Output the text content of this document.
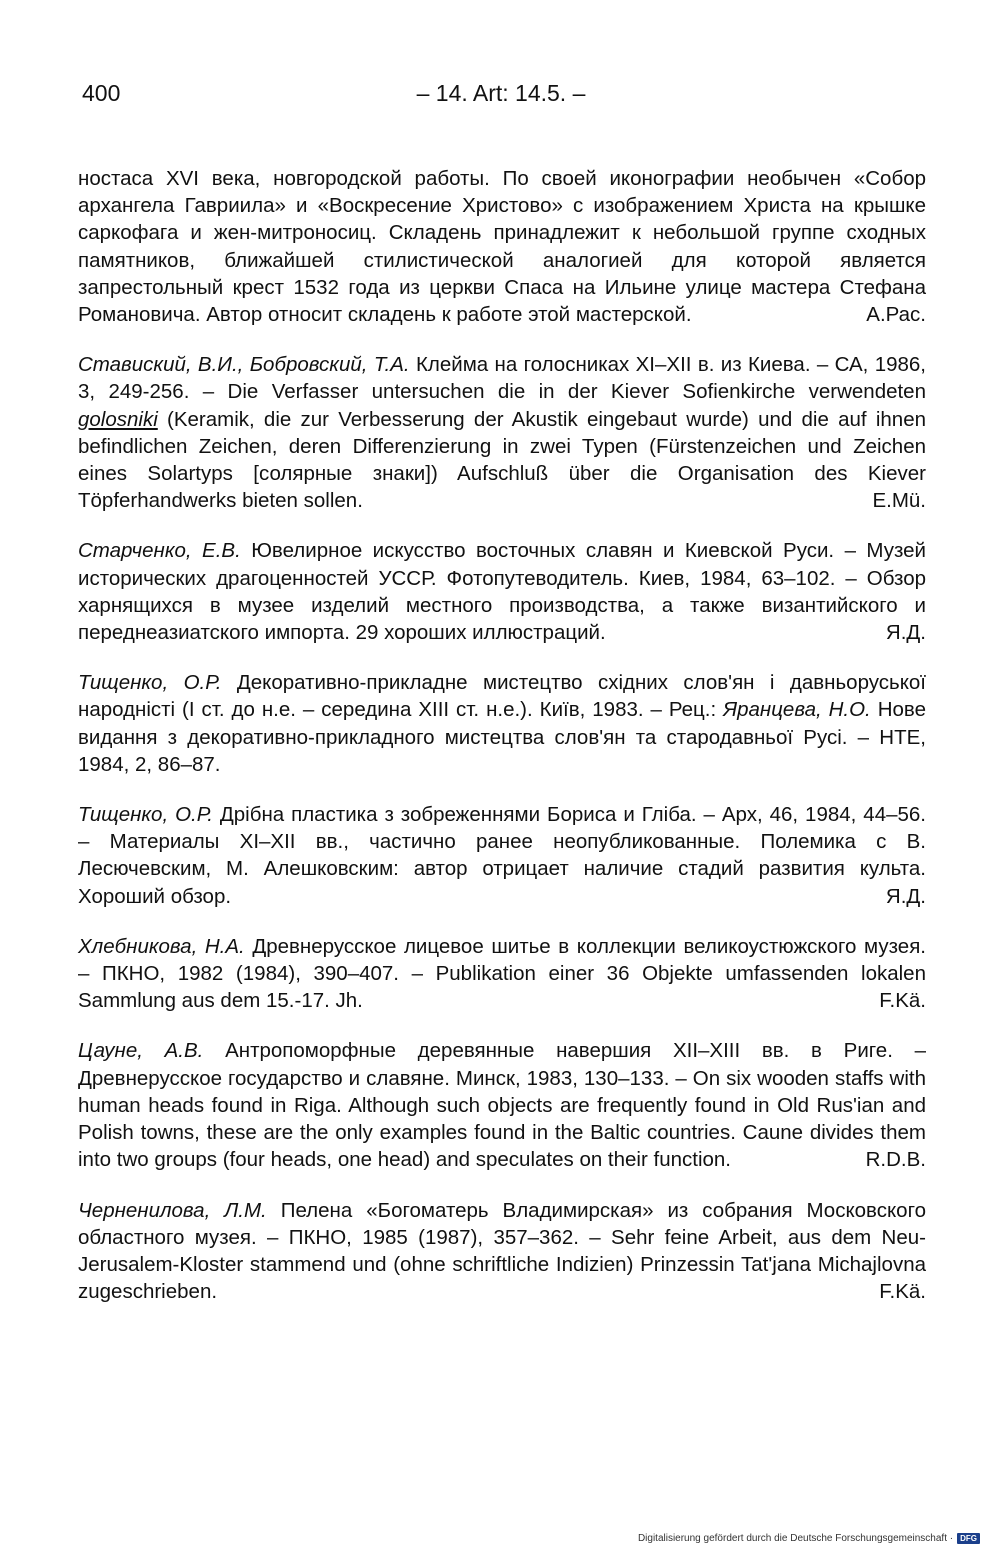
400	– 14. Art: 14.5. –

ностаса XVI века, новгородской работы. По своей иконографии необычен «Собор архангела Гавриила» и «Воскресение Христово» с изображением Христа на крышке саркофага и жен-митроносиц. Складень принадлежит к небольшой группе сходных памятников, ближайшей стилистической аналогией для которой является запрестольный крест 1532 года из церкви Спаса на Ильине улице мастера Стефана Романовича. Автор относит складень к работе этой мастерской.	А.Рас.

Ставиский, В.И., Бобровский, Т.А. Клейма на голосниках XI–XII в. из Киева. – СА, 1986, 3, 249-256. – Die Verfasser untersuchen die in der Kiever Sofienkirche verwendeten golosniki (Keramik, die zur Verbesserung der Akustik eingebaut wurde) und die auf ihnen befindlichen Zeichen, deren Differenzierung in zwei Typen (Fürstenzeichen und Zeichen eines Solartyps [солярные знаки]) Aufschluß über die Organisation des Kiever Töpferhandwerks bieten sollen.	E.Mü.

Старченко, Е.В. Ювелирное искусство восточных славян и Киевской Руси. – Музей исторических драгоценностей УССР. Фотопутеводитель. Киев, 1984, 63–102. – Обзор харнящихся в музее изделий местного производства, а также византийского и переднеазиатского импорта. 29 хороших иллюстраций.	Я.Д.

Тищенко, О.Р. Декоративно-прикладне мистецтво східних слов'ян і давньоруської народністі (I ст. до н.е. – середина XIII ст. н.е.). Київ, 1983. – Рец.: Яранцева, Н.О. Нове видання з декоративно-прикладного мистецтва слов'ян та стародавньої Русі. – НТЕ, 1984, 2, 86–87.

Тищенко, О.Р. Дрібна пластика з зобреженнями Бориса и Гліба. – Арх, 46, 1984, 44–56. – Материалы XI–XII вв., частично ранее неопубликованные. Полемика с В. Лесючевским, М. Алешковским: автор отрицает наличие стадий развития культа. Хороший обзор.	Я.Д.

Хлебникова, Н.А. Древнерусское лицевое шитье в коллекции великоустюжского музея. – ПКНО, 1982 (1984), 390–407. – Publikation einer 36 Objekte umfassenden lokalen Sammlung aus dem 15.-17. Jh.	F.Kä.

Цауне, А.В. Антропоморфные деревянные навершия XII–XIII вв. в Риге. – Древнерусское государство и славяне. Минск, 1983, 130–133. – On six wooden staffs with human heads found in Riga. Although such objects are frequently found in Old Rus'ian and Polish towns, these are the only examples found in the Baltic countries. Caune divides them into two groups (four heads, one head) and speculates on their function.	R.D.B.

Черненилова, Л.М. Пелена «Богоматерь Владимирская» из собрания Московского областного музея. – ПКНО, 1985 (1987), 357–362. – Sehr feine Arbeit, aus dem Neu-Jerusalem-Kloster stammend und (ohne schriftliche Indizien) Prinzessin Tat'jana Michajlovna zugeschrieben.	F.Kä.

Digitalisierung gefördert durch die Deutsche Forschungsgemeinschaft · DFG
